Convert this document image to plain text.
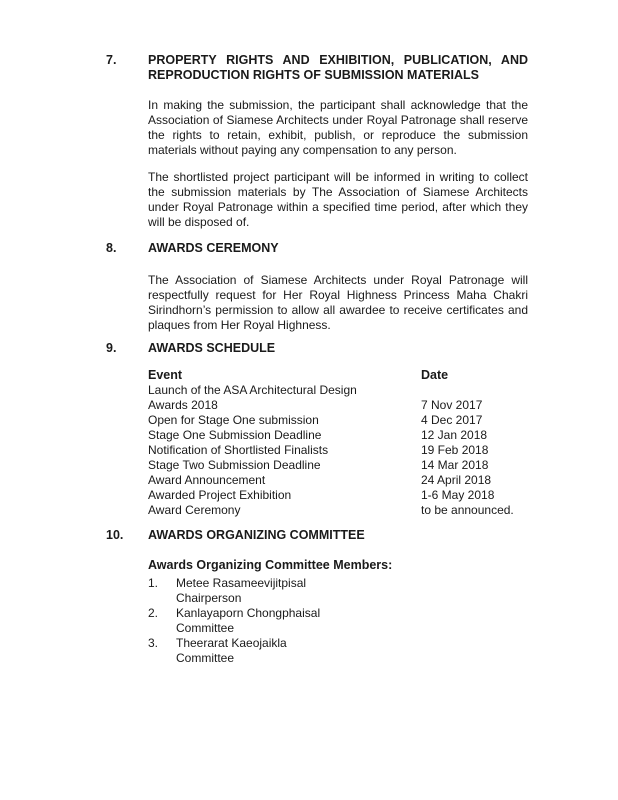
7.	PROPERTY RIGHTS AND EXHIBITION, PUBLICATION, AND
REPRODUCTION RIGHTS OF SUBMISSION MATERIALS

In making the submission, the participant shall acknowledge that the Association of Siamese Architects under Royal Patronage shall reserve the rights to retain, exhibit, publish, or reproduce the submission materials without paying any compensation to any person.

The shortlisted project participant will be informed in writing to collect the submission materials by The Association of Siamese Architects under Royal Patronage within a specified time period, after which they will be disposed of.

8.	AWARDS CEREMONY

The Association of Siamese Architects under Royal Patronage will respectfully request for Her Royal Highness Princess Maha Chakri Sirindhorn’s permission to allow all awardee to receive certificates and plaques from Her Royal Highness.

9.	AWARDS SCHEDULE
Event	Date
Launch of the ASA Architectural Design
Awards 2018	7 Nov 2017
Open for Stage One submission	4 Dec 2017
Stage One Submission Deadline	12 Jan 2018
Notification of Shortlisted Finalists	19 Feb 2018
Stage Two Submission Deadline	14 Mar 2018
Award Announcement	24 April 2018
Awarded Project Exhibition	1-6 May 2018
Award Ceremony	to be announced.
10.	AWARDS ORGANIZING COMMITTEE
Awards Organizing Committee Members:
1.	Metee Rasameevijitpisal
Chairperson
2.	Kanlayaporn Chongphaisal
Committee
3.	Theerarat Kaeojaikla
Committee
